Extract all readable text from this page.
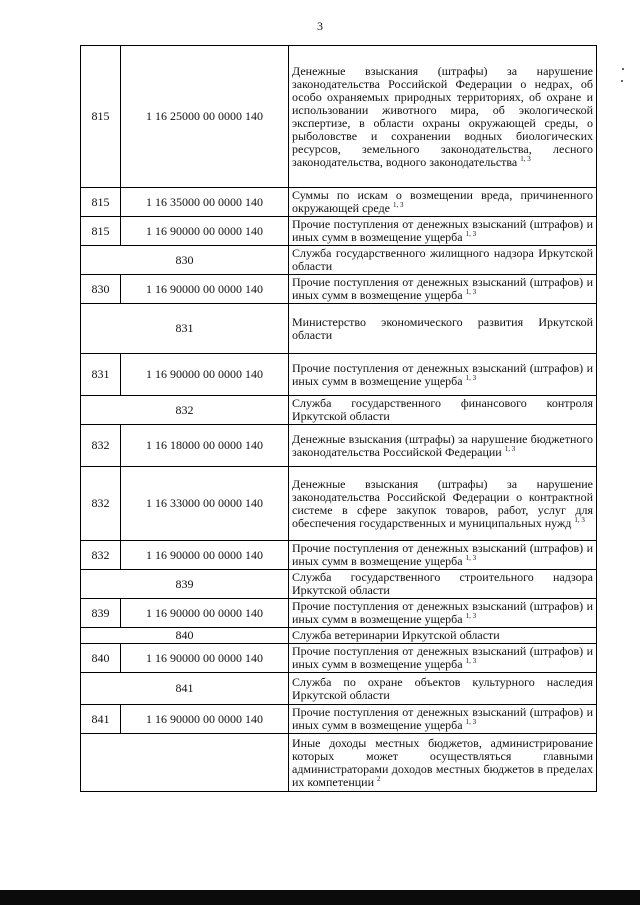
3
815	1 16 25000 00 0000 140	Денежные взыскания (штрафы) за нарушение законодательства Российской Федерации о недрах, об особо охраняемых природных территориях, об охране и использовании животного мира, об экологической экспертизе, в области охраны окружающей среды, о рыболовстве и сохранении водных биологических ресурсов, земельного законодательства, лесного законодательства, водного законодательства $^{1, 3}$
815	1 16 35000 00 0000 140	Суммы по искам о возмещении вреда, причиненного окружающей среде $^{1, 3}$
815	1 16 90000 00 0000 140	Прочие поступления от денежных взысканий (штрафов) и иных сумм в возмещение ущерба $^{1, 3}$
830		Служба государственного жилищного надзора Иркутской области
830	1 16 90000 00 0000 140	Прочие поступления от денежных взысканий (штрафов) и иных сумм в возмещение ущерба $^{1, 3}$
831		Министерство экономического развития Иркутской области
831	1 16 90000 00 0000 140	Прочие поступления от денежных взысканий (штрафов) и иных сумм в возмещение ущерба $^{1, 3}$
832		Служба государственного финансового контроля Иркутской области
832	1 16 18000 00 0000 140	Денежные взыскания (штрафы) за нарушение бюджетного законодательства Российской Федерации $^{1, 3}$
832	1 16 33000 00 0000 140	Денежные взыскания (штрафы) за нарушение законодательства Российской Федерации о контрактной системе в сфере закупок товаров, работ, услуг для обеспечения государственных и муниципальных нужд $^{1, 3}$
832	1 16 90000 00 0000 140	Прочие поступления от денежных взысканий (штрафов) и иных сумм в возмещение ущерба $^{1, 3}$
839		Служба государственного строительного надзора Иркутской области
839	1 16 90000 00 0000 140	Прочие поступления от денежных взысканий (штрафов) и иных сумм в возмещение ущерба $^{1, 3}$
840		Служба ветеринарии Иркутской области
840	1 16 90000 00 0000 140	Прочие поступления от денежных взысканий (штрафов) и иных сумм в возмещение ущерба $^{1, 3}$
841		Служба по охране объектов культурного наследия Иркутской области
841	1 16 90000 00 0000 140	Прочие поступления от денежных взысканий (штрафов) и иных сумм в возмещение ущерба $^{1, 3}$
		Иные доходы местных бюджетов, администрирование которых может осуществляться главными администраторами доходов местных бюджетов в пределах их компетенции $^2$
